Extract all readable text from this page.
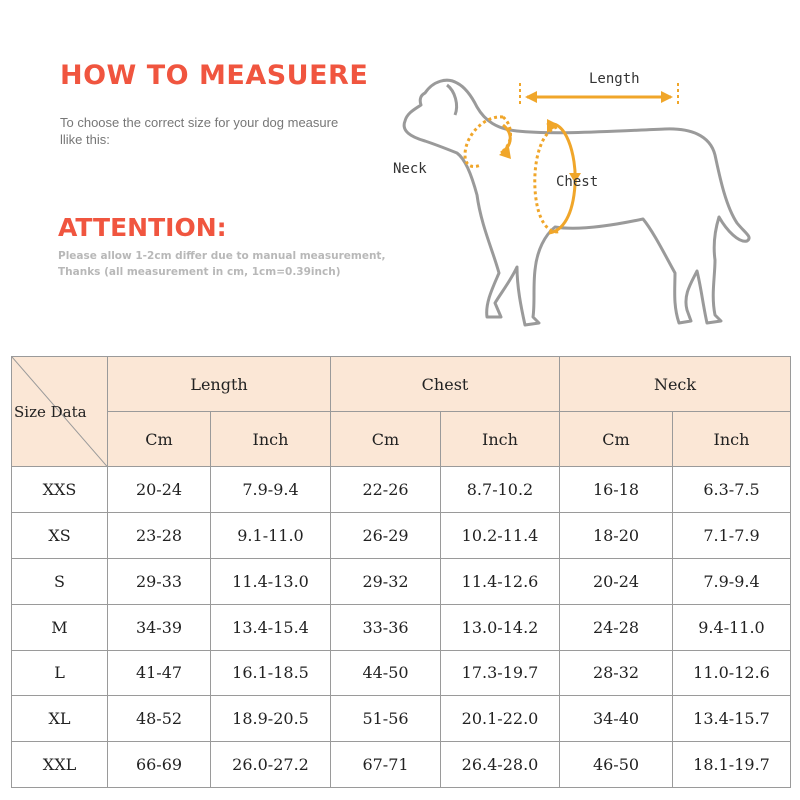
HOW TO MEASUERE
To choose the correct size for your dog measure llike this:
ATTENTION:
Please allow 1-2cm differ due to manual measurement, Thanks (all measurement in cm, 1cm=0.39inch)
Length
Neck
Chest
Size Data	Length		Chest		Neck	
	Cm	Inch	Cm	Inch	Cm	Inch
XXS	20-24	7.9-9.4	22-26	8.7-10.2	16-18	6.3-7.5
XS	23-28	9.1-11.0	26-29	10.2-11.4	18-20	7.1-7.9
S	29-33	11.4-13.0	29-32	11.4-12.6	20-24	7.9-9.4
M	34-39	13.4-15.4	33-36	13.0-14.2	24-28	9.4-11.0
L	41-47	16.1-18.5	44-50	17.3-19.7	28-32	11.0-12.6
XL	48-52	18.9-20.5	51-56	20.1-22.0	34-40	13.4-15.7
XXL	66-69	26.0-27.2	67-71	26.4-28.0	46-50	18.1-19.7
